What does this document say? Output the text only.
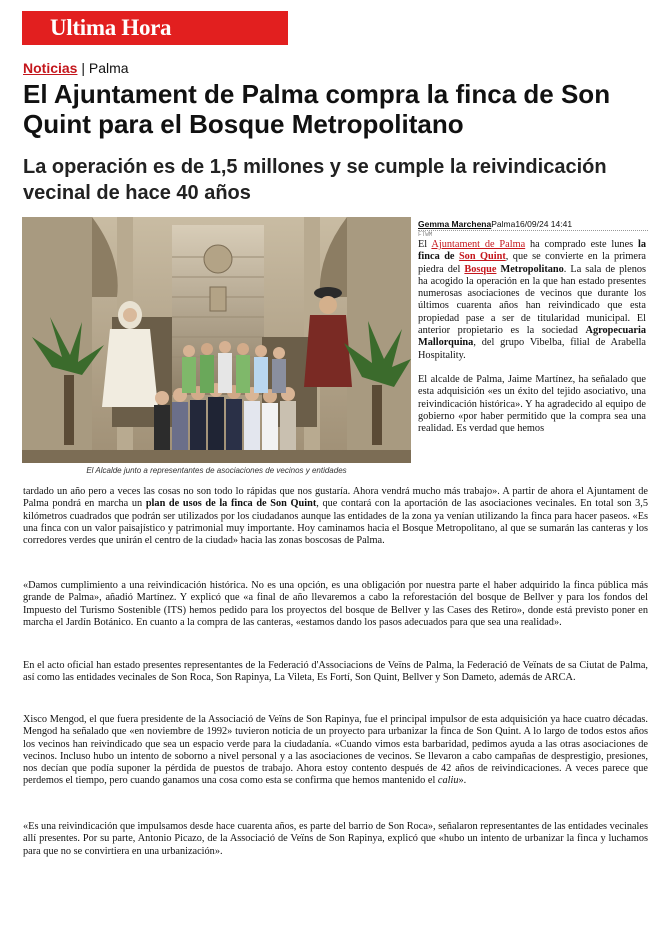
Ultima Hora
Noticias | Palma
El Ajuntament de Palma compra la finca de Son Quint para el Bosque Metropolitano
La operación es de 1,5 millones y se cumple la reivindicación vecinal de hace 40 años
El Alcalde junto a representantes de asociaciones de vecinos y entidades
Gemma MarchenaPalma16/09/24 14:41
FTWM

El Ajuntament de Palma ha comprado este lunes la finca de Son Quint, que se convierte en la primera piedra del Bosque Metropolitano. La sala de plenos ha acogido la operación en la que han estado presentes numerosas asociaciones de vecinos que durante los últimos cuarenta años han reivindicado que esta propiedad pase a ser de titularidad municipal. El anterior propietario es la sociedad Agropecuaria Mallorquina, del grupo Vibelba, filial de Arabella Hospitality.

El alcalde de Palma, Jaime Martínez, ha señalado que esta adquisición «es un éxito del tejido asociativo, una reivindicación histórica». Y ha agradecido al equipo de gobierno «por haber permitido que la compra sea una realidad. Es verdad que hemos

tardado un año pero a veces las cosas no son todo lo rápidas que nos gustaría. Ahora vendrá mucho más trabajo». A partir de ahora el Ajuntament de Palma pondrá en marcha un plan de usos de la finca de Son Quint, que contará con la aportación de las asociaciones vecinales. En total son 3,5 kilómetros cuadrados que podrán ser utilizados por los ciudadanos aunque las entidades de la zona ya venían utilizando la finca para hacer paseos. «Es una finca con un valor paisajístico y patrimonial muy importante. Hoy caminamos hacia el Bosque Metropolitano, al que se sumarán las canteras y los corredores verdes que unirán el centro de la ciudad» hacia las zonas boscosas de Palma.

«Damos cumplimiento a una reivindicación histórica. No es una opción, es una obligación por nuestra parte el haber adquirido la finca pública más grande de Palma», añadió Martínez. Y explicó que «a final de año llevaremos a cabo la reforestación del bosque de Bellver y para los fondos del Impuesto del Turismo Sostenible (ITS) hemos pedido para los proyectos del bosque de Bellver y las Cases des Retiro», donde está previsto poner en marcha el Jardín Botánico. En cuanto a la compra de las canteras, «estamos dando los pasos adecuados para que sea una realidad».

En el acto oficial han estado presentes representantes de la Federació d'Associacions de Veïns de Palma, la Federació de Veïnats de sa Ciutat de Palma, así como las entidades vecinales de Son Roca, Son Rapinya, La Vileta, Es Fortí, Son Quint, Bellver y Son Dameto, además de ARCA.

Xisco Mengod, el que fuera presidente de la Associació de Veïns de Son Rapinya, fue el principal impulsor de esta adquisición ya hace cuatro décadas. Mengod ha señalado que «en noviembre de 1992» tuvieron noticia de un proyecto para urbanizar la finca de Son Quint. A lo largo de todos estos años los vecinos han reivindicado que sea un espacio verde para la ciudadanía. «Cuando vimos esta barbaridad, pedimos ayuda a las otras asociaciones de vecinos. Incluso hubo un intento de soborno a nivel personal y a las asociaciones de vecinos. Se llevaron a cabo campañas de desprestigio, presiones, nos decían que podía suponer la pérdida de puestos de trabajo. Ahora estoy contento después de 42 años de reivindicaciones. A veces parece que perdemos el tiempo, pero cuando ganamos una cosa como esta se confirma que hemos mantenido el caliu».

«Es una reivindicación que impulsamos desde hace cuarenta años, es parte del barrio de Son Roca», señalaron representantes de las entidades vecinales allí presentes. Por su parte, Antonio Picazo, de la Associació de Veïns de Son Rapinya, explicó que «hubo un intento de urbanizar la finca y luchamos para que no se convirtiera en una urbanización».
